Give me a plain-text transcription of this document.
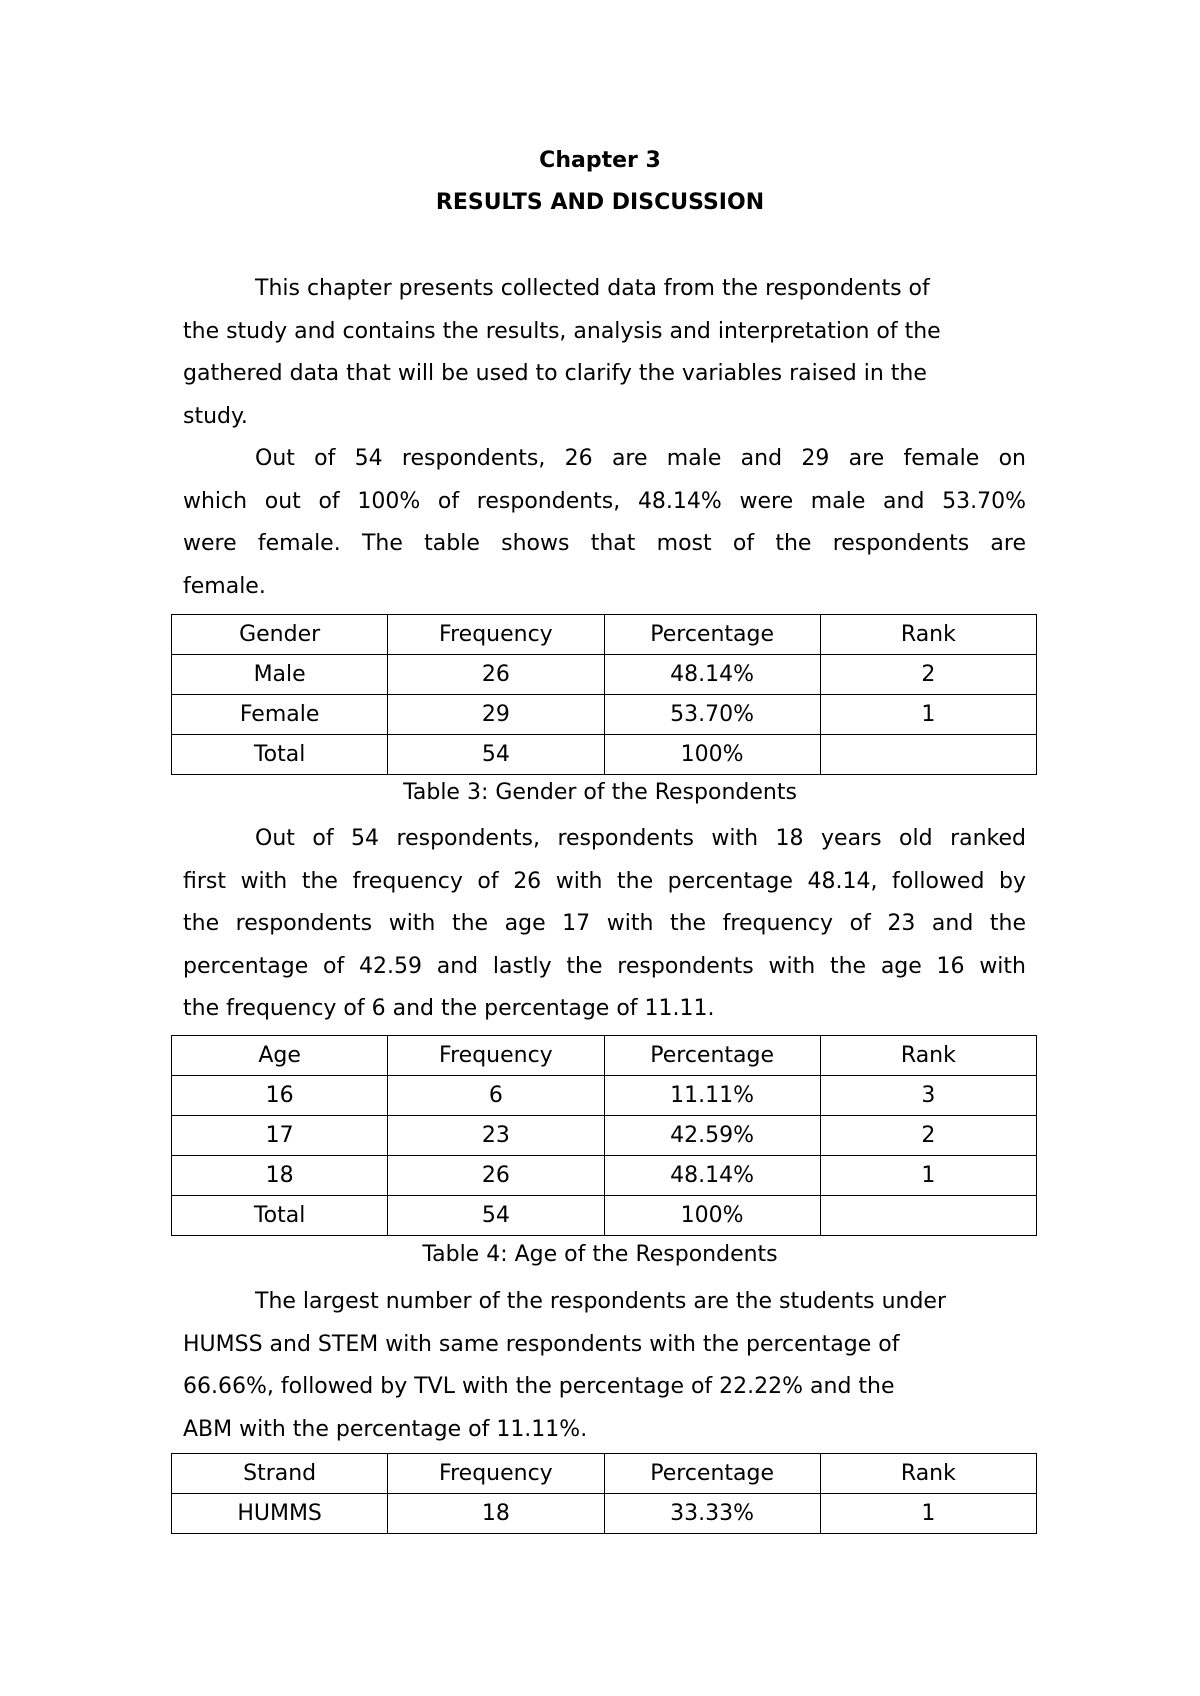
Chapter 3
RESULTS AND DISCUSSION
This chapter presents collected data from the respondents of
the study and contains the results, analysis and interpretation of the
gathered data that will be used to clarify the variables raised in the
study.
Out of 54 respondents, 26 are male and 29 are female on
which out of 100% of respondents, 48.14% were male and 53.70%
were female. The table shows that most of the respondents are
female.
Gender	Frequency	Percentage	Rank
Male	26	48.14%	2
Female	29	53.70%	1
Total	54	100%	
Table 3: Gender of the Respondents
Out of 54 respondents, respondents with 18 years old ranked
first with the frequency of 26 with the percentage 48.14, followed by
the respondents with the age 17 with the frequency of 23 and the
percentage of 42.59 and lastly the respondents with the age 16 with
the frequency of 6 and the percentage of 11.11.
Age	Frequency	Percentage	Rank
16	6	11.11%	3
17	23	42.59%	2
18	26	48.14%	1
Total	54	100%	
Table 4: Age of the Respondents
The largest number of the respondents are the students under
HUMSS and STEM with same respondents with the percentage of
66.66%, followed by TVL with the percentage of 22.22% and the
ABM with the percentage of 11.11%.
Strand	Frequency	Percentage	Rank
HUMMS	18	33.33%	1
